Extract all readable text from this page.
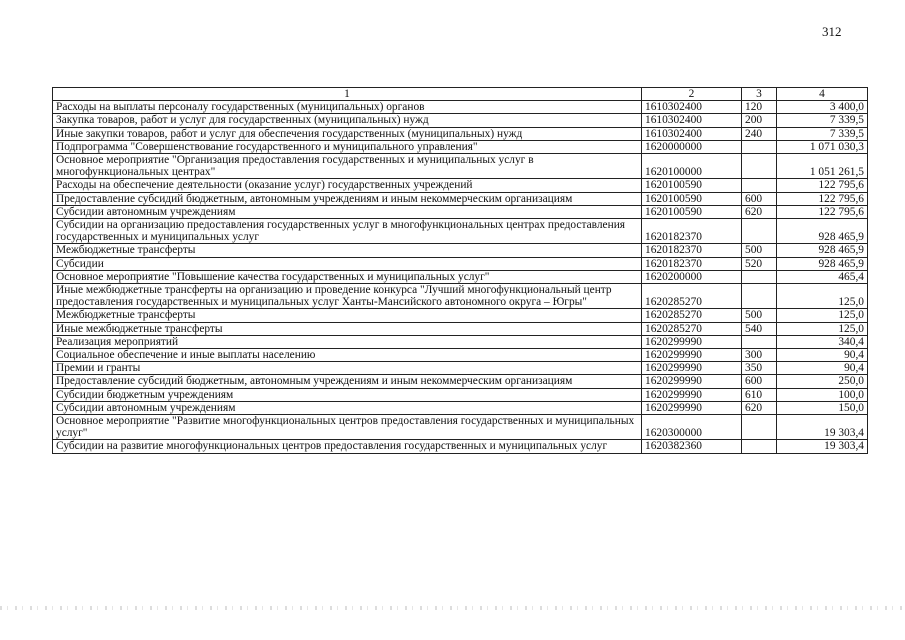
312
1	2	3	4
Расходы на выплаты персоналу государственных (муниципальных) органов	1610302400	120	3 400,0
Закупка товаров, работ и услуг для государственных (муниципальных) нужд	1610302400	200	7 339,5
Иные закупки товаров, работ и услуг для обеспечения государственных (муниципальных) нужд	1610302400	240	7 339,5
Подпрограмма "Совершенствование государственного и муниципального управления"	1620000000		1 071 030,3
Основное мероприятие "Организация предоставления государственных и муниципальных услуг в многофункциональных центрах"	1620100000		1 051 261,5
Расходы на обеспечение деятельности (оказание услуг) государственных учреждений	1620100590		122 795,6
Предоставление субсидий бюджетным, автономным учреждениям и иным некоммерческим организациям	1620100590	600	122 795,6
Субсидии автономным учреждениям	1620100590	620	122 795,6
Субсидии на организацию предоставления государственных услуг в многофункциональных центрах предоставления государственных и муниципальных услуг	1620182370		928 465,9
Межбюджетные трансферты	1620182370	500	928 465,9
Субсидии	1620182370	520	928 465,9
Основное мероприятие "Повышение качества государственных и муниципальных услуг"	1620200000		465,4
Иные межбюджетные трансферты на организацию и проведение конкурса "Лучший многофункциональный центр предоставления государственных и муниципальных услуг Ханты-Мансийского автономного округа – Югры"	1620285270		125,0
Межбюджетные трансферты	1620285270	500	125,0
Иные межбюджетные трансферты	1620285270	540	125,0
Реализация мероприятий	1620299990		340,4
Социальное обеспечение и иные выплаты населению	1620299990	300	90,4
Премии и гранты	1620299990	350	90,4
Предоставление субсидий бюджетным, автономным учреждениям и иным некоммерческим организациям	1620299990	600	250,0
Субсидии бюджетным учреждениям	1620299990	610	100,0
Субсидии автономным учреждениям	1620299990	620	150,0
Основное мероприятие "Развитие многофункциональных центров предоставления государственных и муниципальных услуг"	1620300000		19 303,4
Субсидии на развитие многофункциональных центров предоставления государственных и муниципальных услуг	1620382360		19 303,4
